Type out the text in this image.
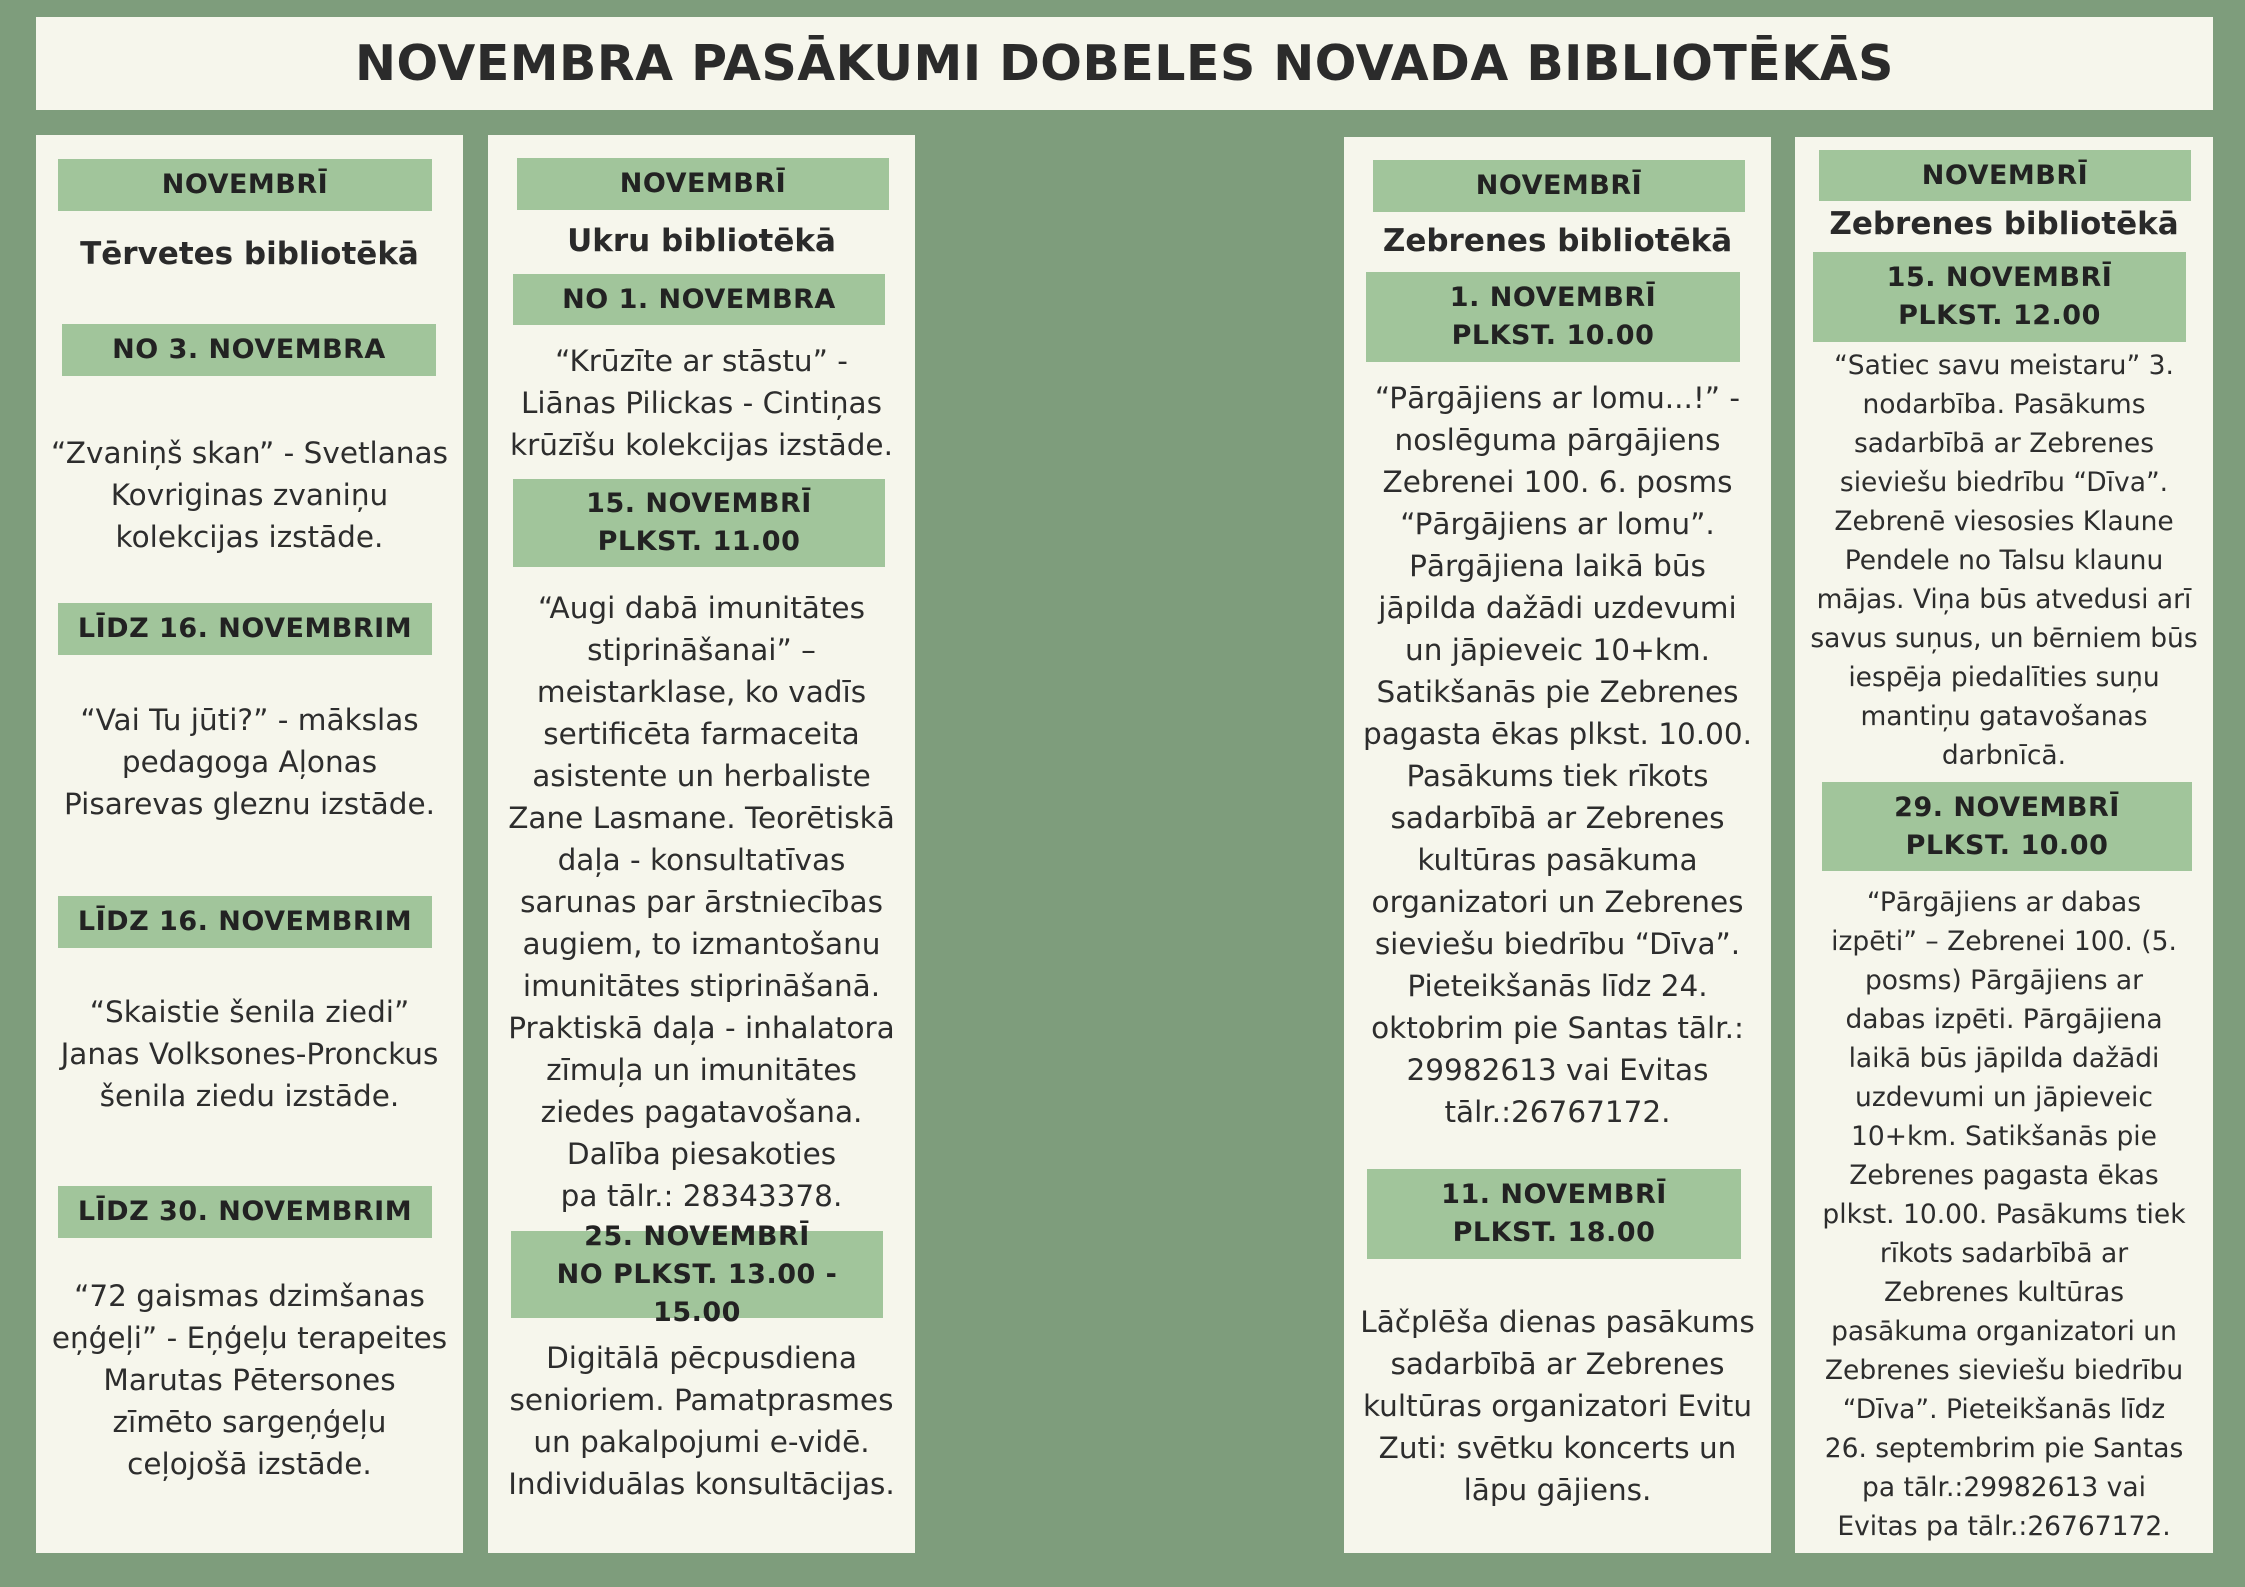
NOVEMBRA PASĀKUMI DOBELES NOVADA BIBLIOTĒKĀS
NOVEMBRĪ
Tērvetes bibliotēkā
NO 3. NOVEMBRA
“Zvaniņš skan” - Svetlanas
Kovriginas zvaniņu
kolekcijas izstāde.
LĪDZ 16. NOVEMBRIM
“Vai Tu jūti?” - mākslas
pedagoga Aļonas
Pisarevas gleznu izstāde.
LĪDZ 16. NOVEMBRIM
“Skaistie šenila ziedi”
Janas Volksones-Pronckus
šenila ziedu izstāde.
LĪDZ 30. NOVEMBRIM
“72 gaismas dzimšanas
eņģeļi” - Eņģeļu terapeites
Marutas Pētersones
zīmēto sargeņģeļu
ceļojošā izstāde.
NOVEMBRĪ
Ukru bibliotēkā
NO 1. NOVEMBRA
“Krūzīte ar stāstu” -
Liānas Pilickas - Cintiņas
krūzīšu kolekcijas izstāde.
15. NOVEMBRĪ
PLKST. 11.00
“Augi dabā imunitātes
stiprināšanai” –
meistarklase, ko vadīs
sertificēta farmaceita
asistente un herbaliste
Zane Lasmane. Teorētiskā
daļa - konsultatīvas
sarunas par ārstniecības
augiem, to izmantošanu
imunitātes stiprināšanā.
Praktiskā daļa - inhalatora
zīmuļa un imunitātes
ziedes pagatavošana.
Dalība piesakoties
pa tālr.: 28343378.
25. NOVEMBRĪ
NO PLKST. 13.00 - 15.00
Digitālā pēcpusdiena
senioriem. Pamatprasmes
un pakalpojumi e-vidē.
Individuālas konsultācijas.
NOVEMBRĪ
Zebrenes bibliotēkā
1. NOVEMBRĪ
PLKST. 10.00
“Pārgājiens ar lomu...!” -
noslēguma pārgājiens
Zebrenei 100. 6. posms
“Pārgājiens ar lomu”.
Pārgājiena laikā būs
jāpilda dažādi uzdevumi
un jāpieveic 10+km.
Satikšanās pie Zebrenes
pagasta ēkas plkst. 10.00.
Pasākums tiek rīkots
sadarbībā ar Zebrenes
kultūras pasākuma
organizatori un Zebrenes
sieviešu biedrību “Dīva”.
Pieteikšanās līdz 24.
oktobrim pie Santas tālr.:
29982613 vai Evitas
tālr.:26767172.
11. NOVEMBRĪ
PLKST. 18.00
Lāčplēša dienas pasākums
sadarbībā ar Zebrenes
kultūras organizatori Evitu
Zuti: svētku koncerts un
lāpu gājiens.
NOVEMBRĪ
Zebrenes bibliotēkā
15. NOVEMBRĪ
PLKST. 12.00
“Satiec savu meistaru” 3.
nodarbība. Pasākums
sadarbībā ar Zebrenes
sieviešu biedrību “Dīva”.
Zebrenē viesosies Klaune
Pendele no Talsu klaunu
mājas. Viņa būs atvedusi arī
savus suņus, un bērniem būs
iespēja piedalīties suņu
mantiņu gatavošanas
darbnīcā.
29. NOVEMBRĪ
PLKST. 10.00
“Pārgājiens ar dabas
izpēti” – Zebrenei 100. (5.
posms) Pārgājiens ar
dabas izpēti. Pārgājiena
laikā būs jāpilda dažādi
uzdevumi un jāpieveic
10+km. Satikšanās pie
Zebrenes pagasta ēkas
plkst. 10.00. Pasākums tiek
rīkots sadarbībā ar
Zebrenes kultūras
pasākuma organizatori un
Zebrenes sieviešu biedrību
“Dīva”. Pieteikšanās līdz
26. septembrim pie Santas
pa tālr.:29982613 vai
Evitas pa tālr.:26767172.
